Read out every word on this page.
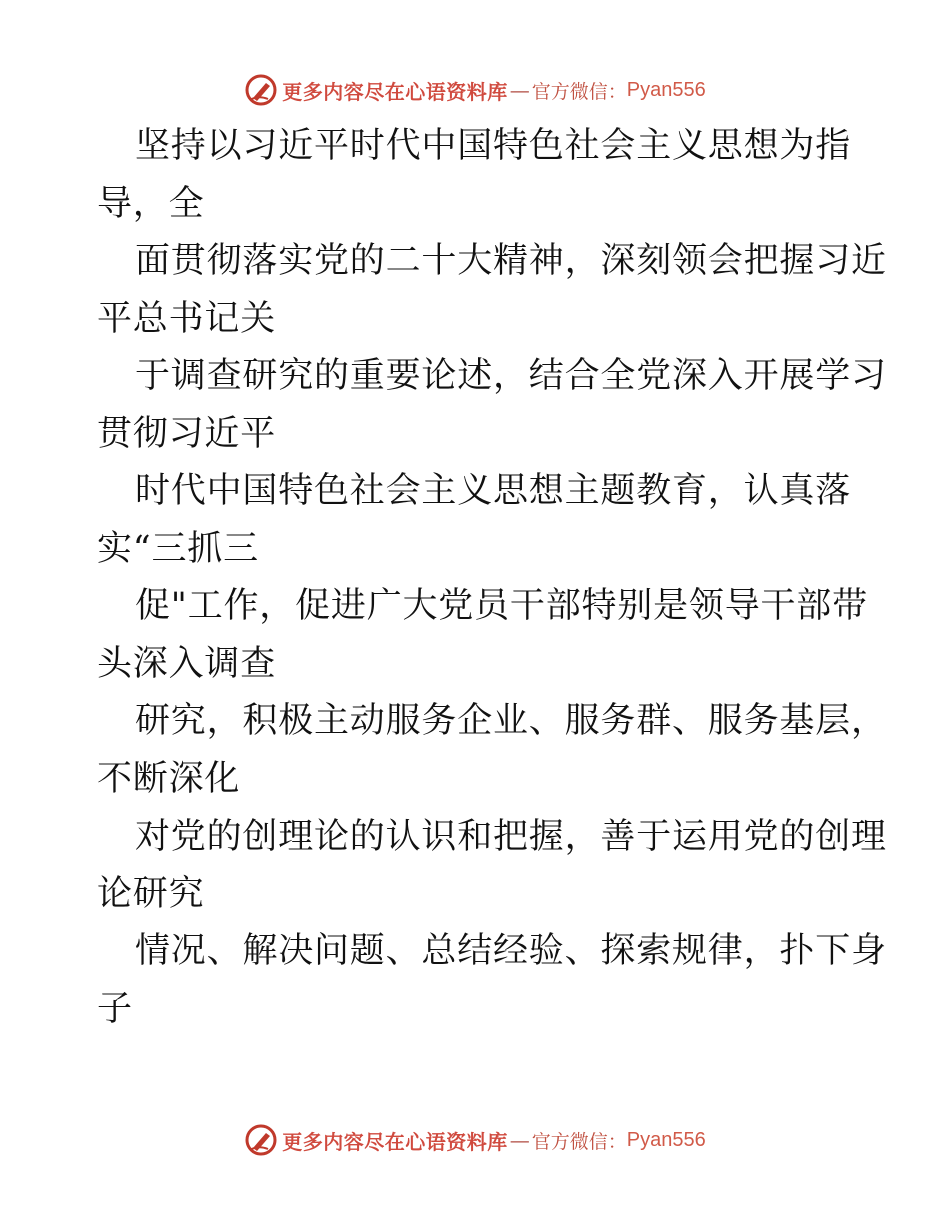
更多内容尽在心语资料库 — 官方微信： Pyan556
坚持以习近平时代中国特色社会主义思想为指
导，全
面贯彻落实党的二十大精神，深刻领会把握习近
平总书记关
于调查研究的重要论述，结合全党深入开展学习
贯彻习近平
时代中国特色社会主义思想主题教育，认真落
实“三抓三
促"工作，促进广大党员干部特别是领导干部带
头深入调查
研究，积极主动服务企业、服务群、服务基层，
不断深化
对党的创理论的认识和把握，善于运用党的创理
论研究
情况、解决问题、总结经验、探索规律，扑下身
子
更多内容尽在心语资料库 — 官方微信： Pyan556
